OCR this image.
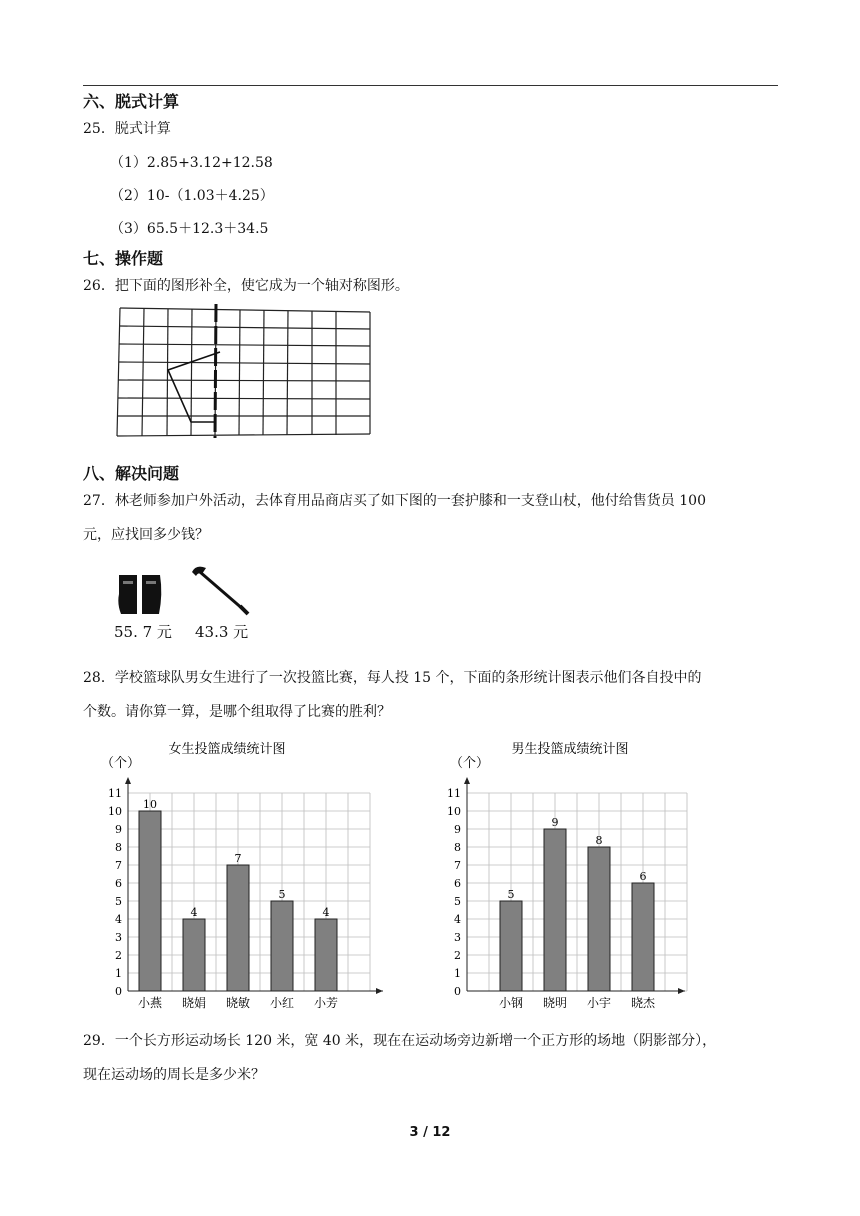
六、脱式计算
25．脱式计算
（1）2.85+3.12+12.58
（2）10-（1.03＋4.25）
（3）65.5＋12.3＋34.5
七、操作题
26．把下面的图形补全，使它成为一个轴对称图形。
八、解决问题
27．林老师参加户外活动，去体育用品商店买了如下图的一套护膝和一支登山杖，他付给售货员 100
元，应找回多少钱？
55. 7 元 43.3 元
28．学校篮球队男女生进行了一次投篮比赛，每人投 15 个，下面的条形统计图表示他们各自投中的
个数。请你算一算，是哪个组取得了比赛的胜利？
女生投篮成绩统计图
（个）
0
1
2
3
4
5
6
7
8
9
10
11
10
小燕
4
晓娟
7
晓敏
5
小红
4
小芳
男生投篮成绩统计图
（个）
0
1
2
3
4
5
6
7
8
9
10
11
5
小钢
9
晓明
8
小宇
6
晓杰
29．一个长方形运动场长 120 米，宽 40 米，现在在运动场旁边新增一个正方形的场地（阴影部分），
现在运动场的周长是多少米？
3 / 12
